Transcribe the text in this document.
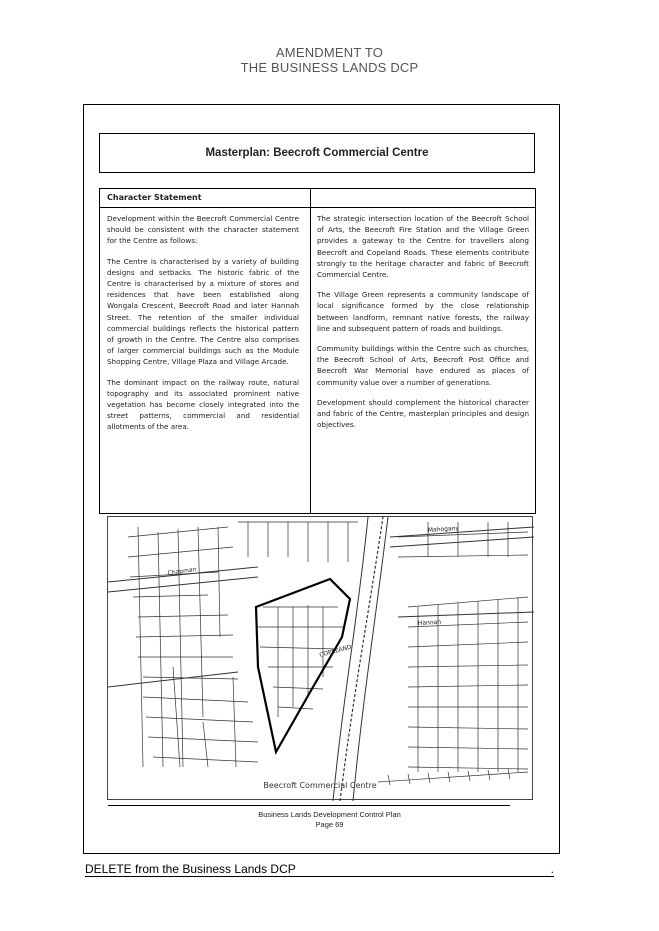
AMENDMENT TO
THE BUSINESS LANDS DCP
Masterplan: Beecroft Commercial Centre
Character Statement

Development within the Beecroft Commercial Centre should be consistent with the character statement for the Centre as follows:

The Centre is characterised by a variety of building designs and setbacks. The historic fabric of the Centre is characterised by a mixture of stores and residences that have been established along Wongala Crescent, Beecroft Road and later Hannah Street. The retention of the smaller individual commercial buildings reflects the historical pattern of growth in the Centre. The Centre also comprises of larger commercial buildings such as the Module Shopping Centre, Village Plaza and Village Arcade.

The dominant impact on the railway route, natural topography and its associated prominent native vegetation has become closely integrated into the street patterns, commercial and residential allotments of the area.

The strategic intersection location of the Beecroft School of Arts, the Beecroft Fire Station and the Village Green provides a gateway to the Centre for travellers along Beecroft and Copeland Roads. These elements contribute strongly to the heritage character and fabric of Beecroft Commercial Centre.

The Village Green represents a community landscape of local significance formed by the close relationship between landform, remnant native forests, the railway line and subsequent pattern of roads and buildings.

Community buildings within the Centre such as churches, the Beecroft School of Arts, Beecroft Post Office and Beecroft War Memorial have endured as places of community value over a number of generations.

Development should complement the historical character and fabric of the Centre, masterplan principles and design objectives.

Chapman
COPELAND
Mahogany
Hannah
Beecroft Commercial Centre
Business Lands Development Control Plan
Page 69
DELETE from the Business Lands DCP	.
